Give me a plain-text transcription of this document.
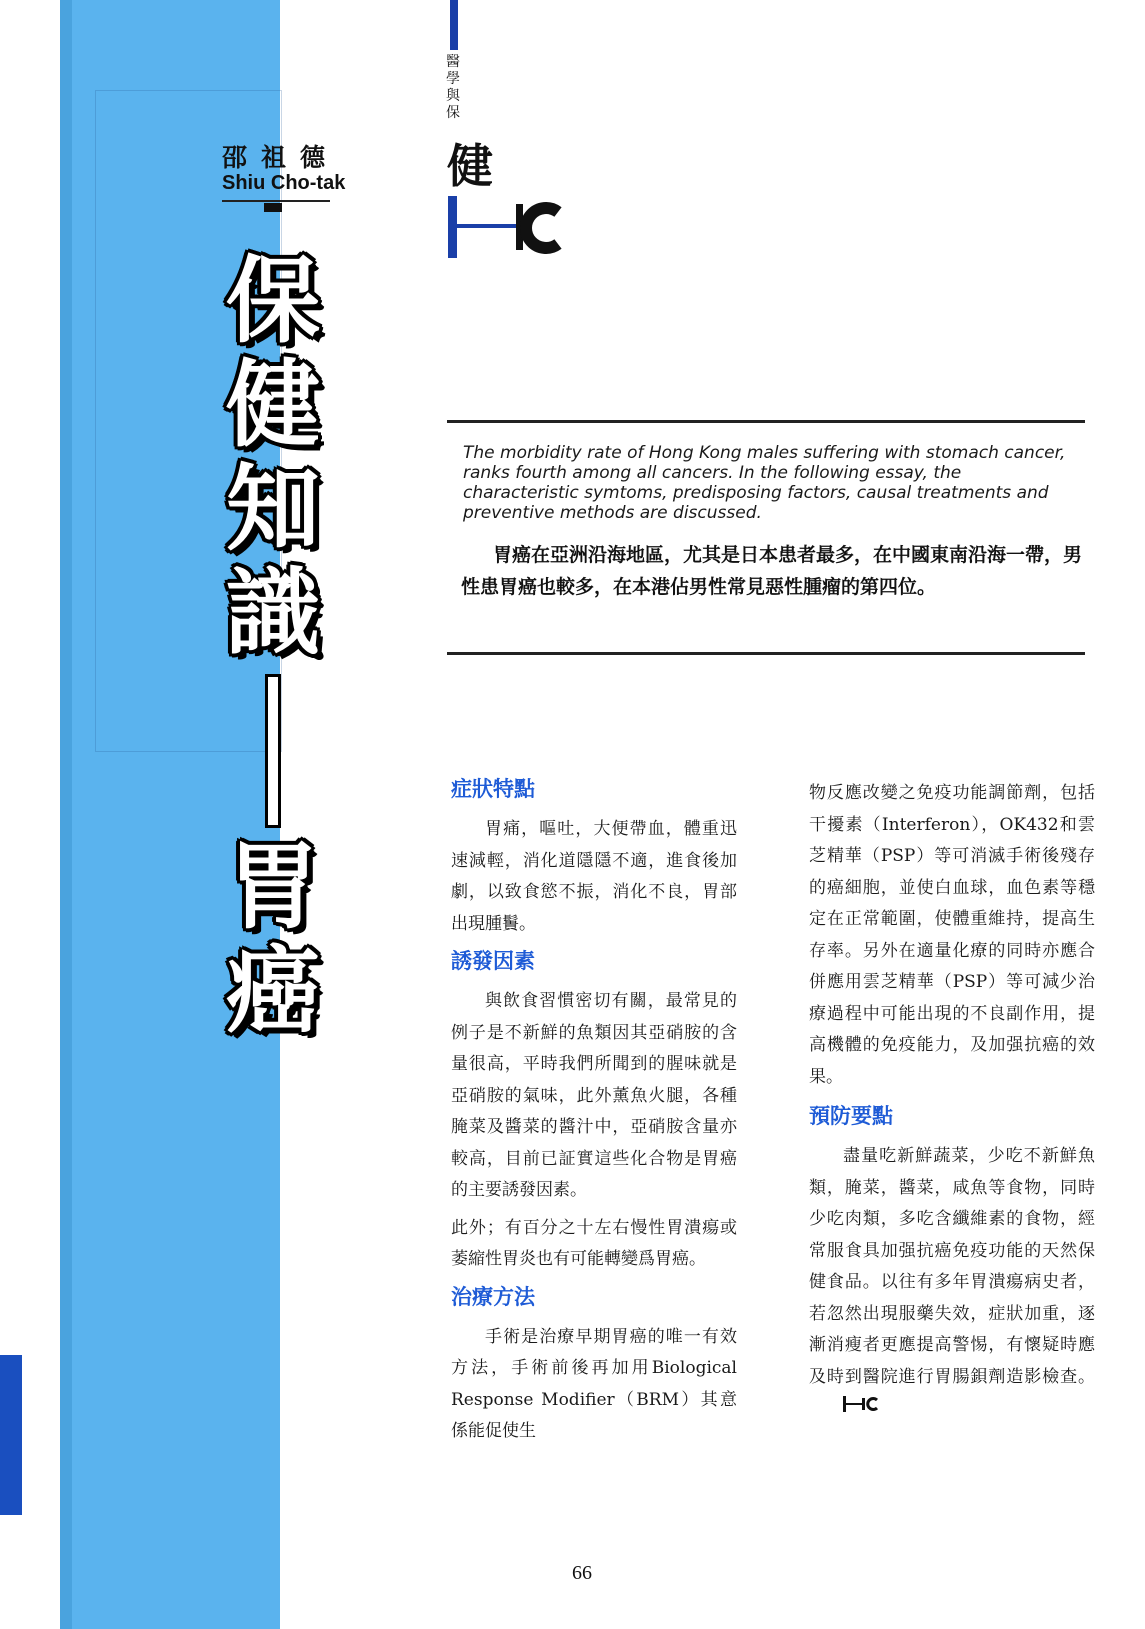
邵祖德
Shiu Cho-tak
保
健
知
識
胃
癌
醫學與保
健
The morbidity rate of Hong Kong males suffering with stomach cancer, ranks fourth among all cancers. In the following essay, the characteristic symtoms, predisposing factors, causal treatments and preventive methods are discussed.
胃癌在亞洲沿海地區，尤其是日本患者最多，在中國東南沿海一帶，男性患胃癌也較多，在本港佔男性常見惡性腫瘤的第四位。
症狀特點

胃痛，嘔吐，大便帶血，體重迅速減輕，消化道隱隱不適，進食後加劇，以致食慾不振，消化不良，胃部出現腫䰎。

誘發因素

與飲食習慣密切有關，最常見的例子是不新鮮的魚類因其亞硝胺的含量很高，平時我們所聞到的腥味就是亞硝胺的氣味，此外薰魚火腿，各種腌菜及醬菜的醬汁中，亞硝胺含量亦較高，目前已証實這些化合物是胃癌的主要誘發因素。

此外；有百分之十左右慢性胃潰瘍或萎縮性胃炎也有可能轉變爲胃癌。

治療方法

手術是治療早期胃癌的唯一有效方法，手術前後再加用Biological Response Modifier（BRM）其意係能促使生

物反應改變之免疫功能調節劑，包括干擾素（Interferon），OK432和雲芝精華（PSP）等可消滅手術後殘存的癌細胞，並使白血球，血色素等穩定在正常範圍，使體重維持，提高生存率。另外在適量化療的同時亦應合併應用雲芝精華（PSP）等可減少治療過程中可能出現的不良副作用，提高機體的免疫能力，及加强抗癌的效果。

預防要點

盡量吃新鮮蔬菜，少吃不新鮮魚類，腌菜，醬菜，咸魚等食物，同時少吃肉類，多吃含纖維素的食物，經常服食具加强抗癌免疫功能的天然保健食品。以往有多年胃潰瘍病史者，若忽然出現服藥失效，症狀加重，逐漸消瘦者更應提高警惕，有懷疑時應及時到醫院進行胃腸鋇劑造影檢查。

66
